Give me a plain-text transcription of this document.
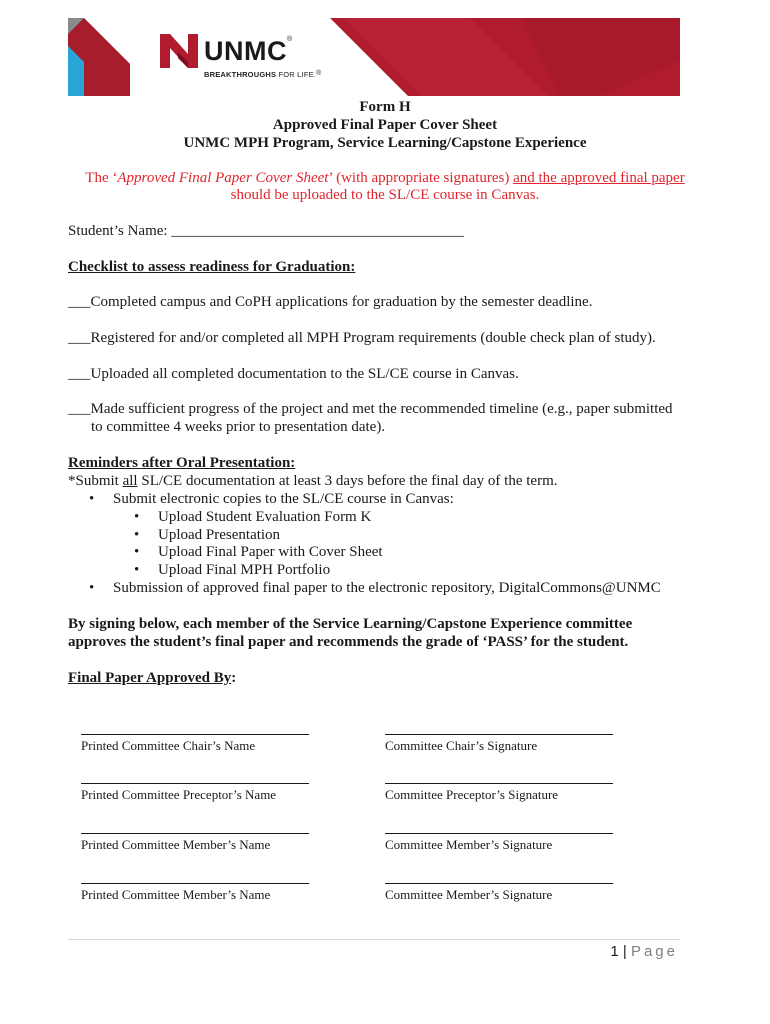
UNMC®
BREAKTHROUGHS FOR LIFE.®
Form H
Approved Final Paper Cover Sheet
UNMC MPH Program, Service Learning/Capstone Experience
The ‘Approved Final Paper Cover Sheet’ (with appropriate signatures) and the approved final paper
should be uploaded to the SL/CE course in Canvas.
Student’s Name: _______________________________________
Checklist to assess readiness for Graduation:
___Completed campus and CoPH applications for graduation by the semester deadline.
___Registered for and/or completed all MPH Program requirements (double check plan of study).
___Uploaded all completed documentation to the SL/CE course in Canvas.
___Made sufficient progress of the project and met the recommended timeline (e.g., paper submitted
to committee 4 weeks prior to presentation date).
Reminders after Oral Presentation:
*Submit all SL/CE documentation at least 3 days before the final day of the term.
• Submit electronic copies to the SL/CE course in Canvas:
• Upload Student Evaluation Form K
• Upload Presentation
• Upload Final Paper with Cover Sheet
• Upload Final MPH Portfolio
• Submission of approved final paper to the electronic repository, DigitalCommons@UNMC
By signing below, each member of the Service Learning/Capstone Experience committee
approves the student’s final paper and recommends the grade of ‘PASS’ for the student.
Final Paper Approved By:
Printed Committee Chair’s Name	Committee Chair’s Signature
Printed Committee Preceptor’s Name	Committee Preceptor’s Signature
Printed Committee Member’s Name	Committee Member’s Signature
Printed Committee Member’s Name	Committee Member’s Signature
1 | Page
